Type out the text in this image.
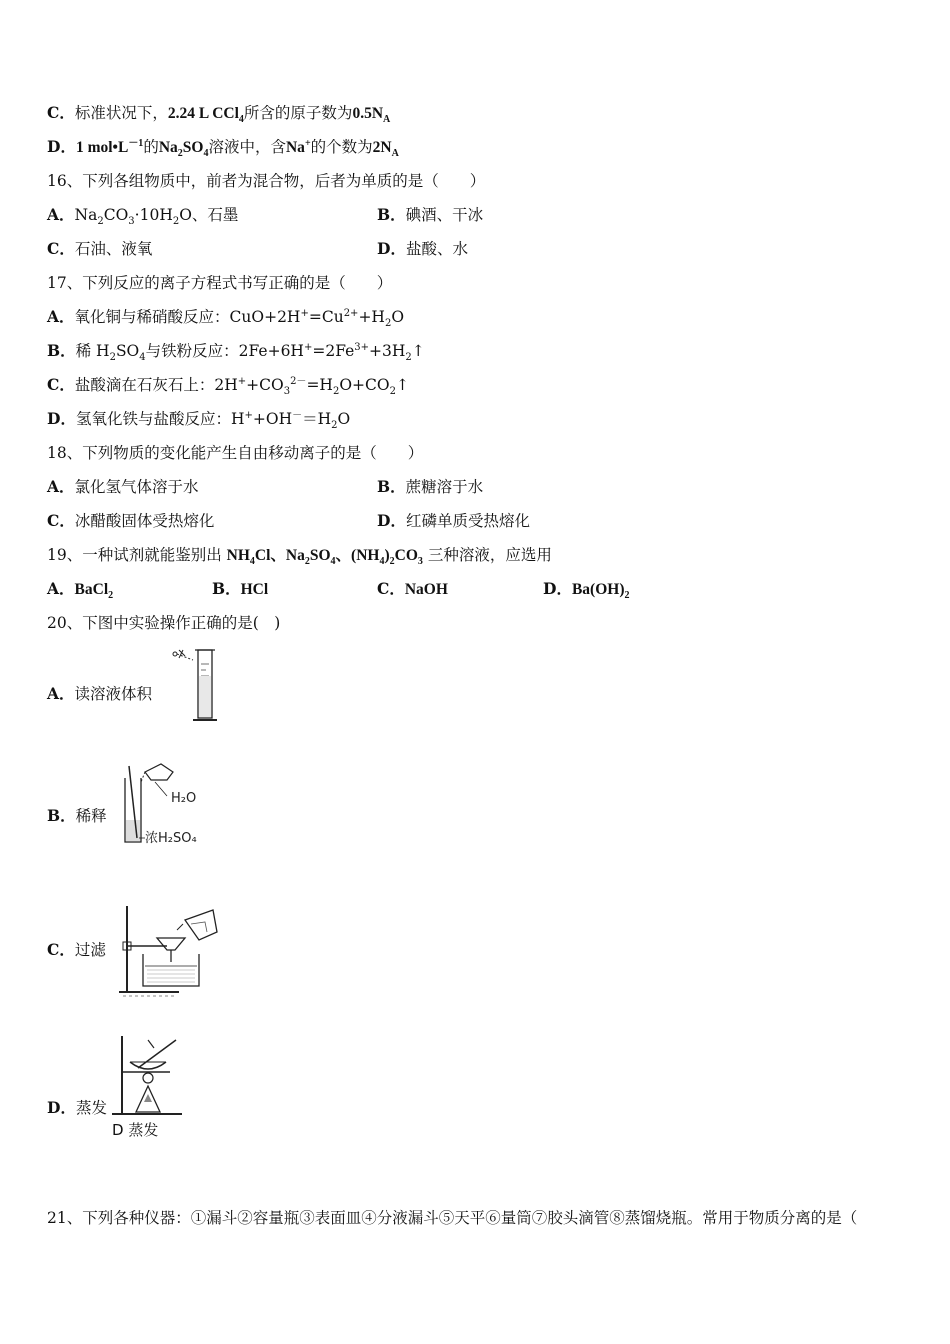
C．标准状况下，2.24 L CCl$_4$所含的原子数为$0.5N_A$
D．1 $mol•L^{-1}$的$Na_2SO_4$溶液中，含Na+的个数为$2N_A$
16、下列各组物质中，前者为混合物，后者为单质的是（　　）
A．$Na_2CO_3\cdot 10H_2O$、石墨	B．碘酒、干冰
C．石油、液氧	D．盐酸、水
17、下列反应的离子方程式书写正确的是（　　）
A．氧化铜与稀硝酸反应：$CuO+2H^+=Cu^{2+}+H_2O$
B．稀 $H_2SO_4$与铁粉反应：$2Fe+6H^+=2Fe^{3+}+3H_2↑$
C．盐酸滴在石灰石上：$2H^++CO_3^{2-}=H_2O+CO_2↑$
D．氢氧化铁与盐酸反应：$H^++OH^-=H_2O$
18、下列物质的变化能产生自由移动离子的是（　　）
A．氯化氢气体溶于水	B．蔗糖溶于水
C．冰醋酸固体受热熔化	D．红磷单质受热熔化
19、一种试剂就能鉴别出 $NH_4Cl$、$Na_2SO_4$、$(NH_4)_2CO_3$ 三种溶液，应选用
A．BaCl$_2$	B．HCl	C．NaOH	D．$Ba(OH)_2$
20、下图中实验操作正确的是(　)
A．读溶液体积
B．稀释
H₂O
浓H₂SO₄
C．过滤
D．蒸发
D 蒸发
21、下列各种仪器：①漏斗②容量瓶③表面皿④分液漏斗⑤天平⑥量筒⑦胶头滴管⑧蒸馏烧瓶。常用于物质分离的是（
